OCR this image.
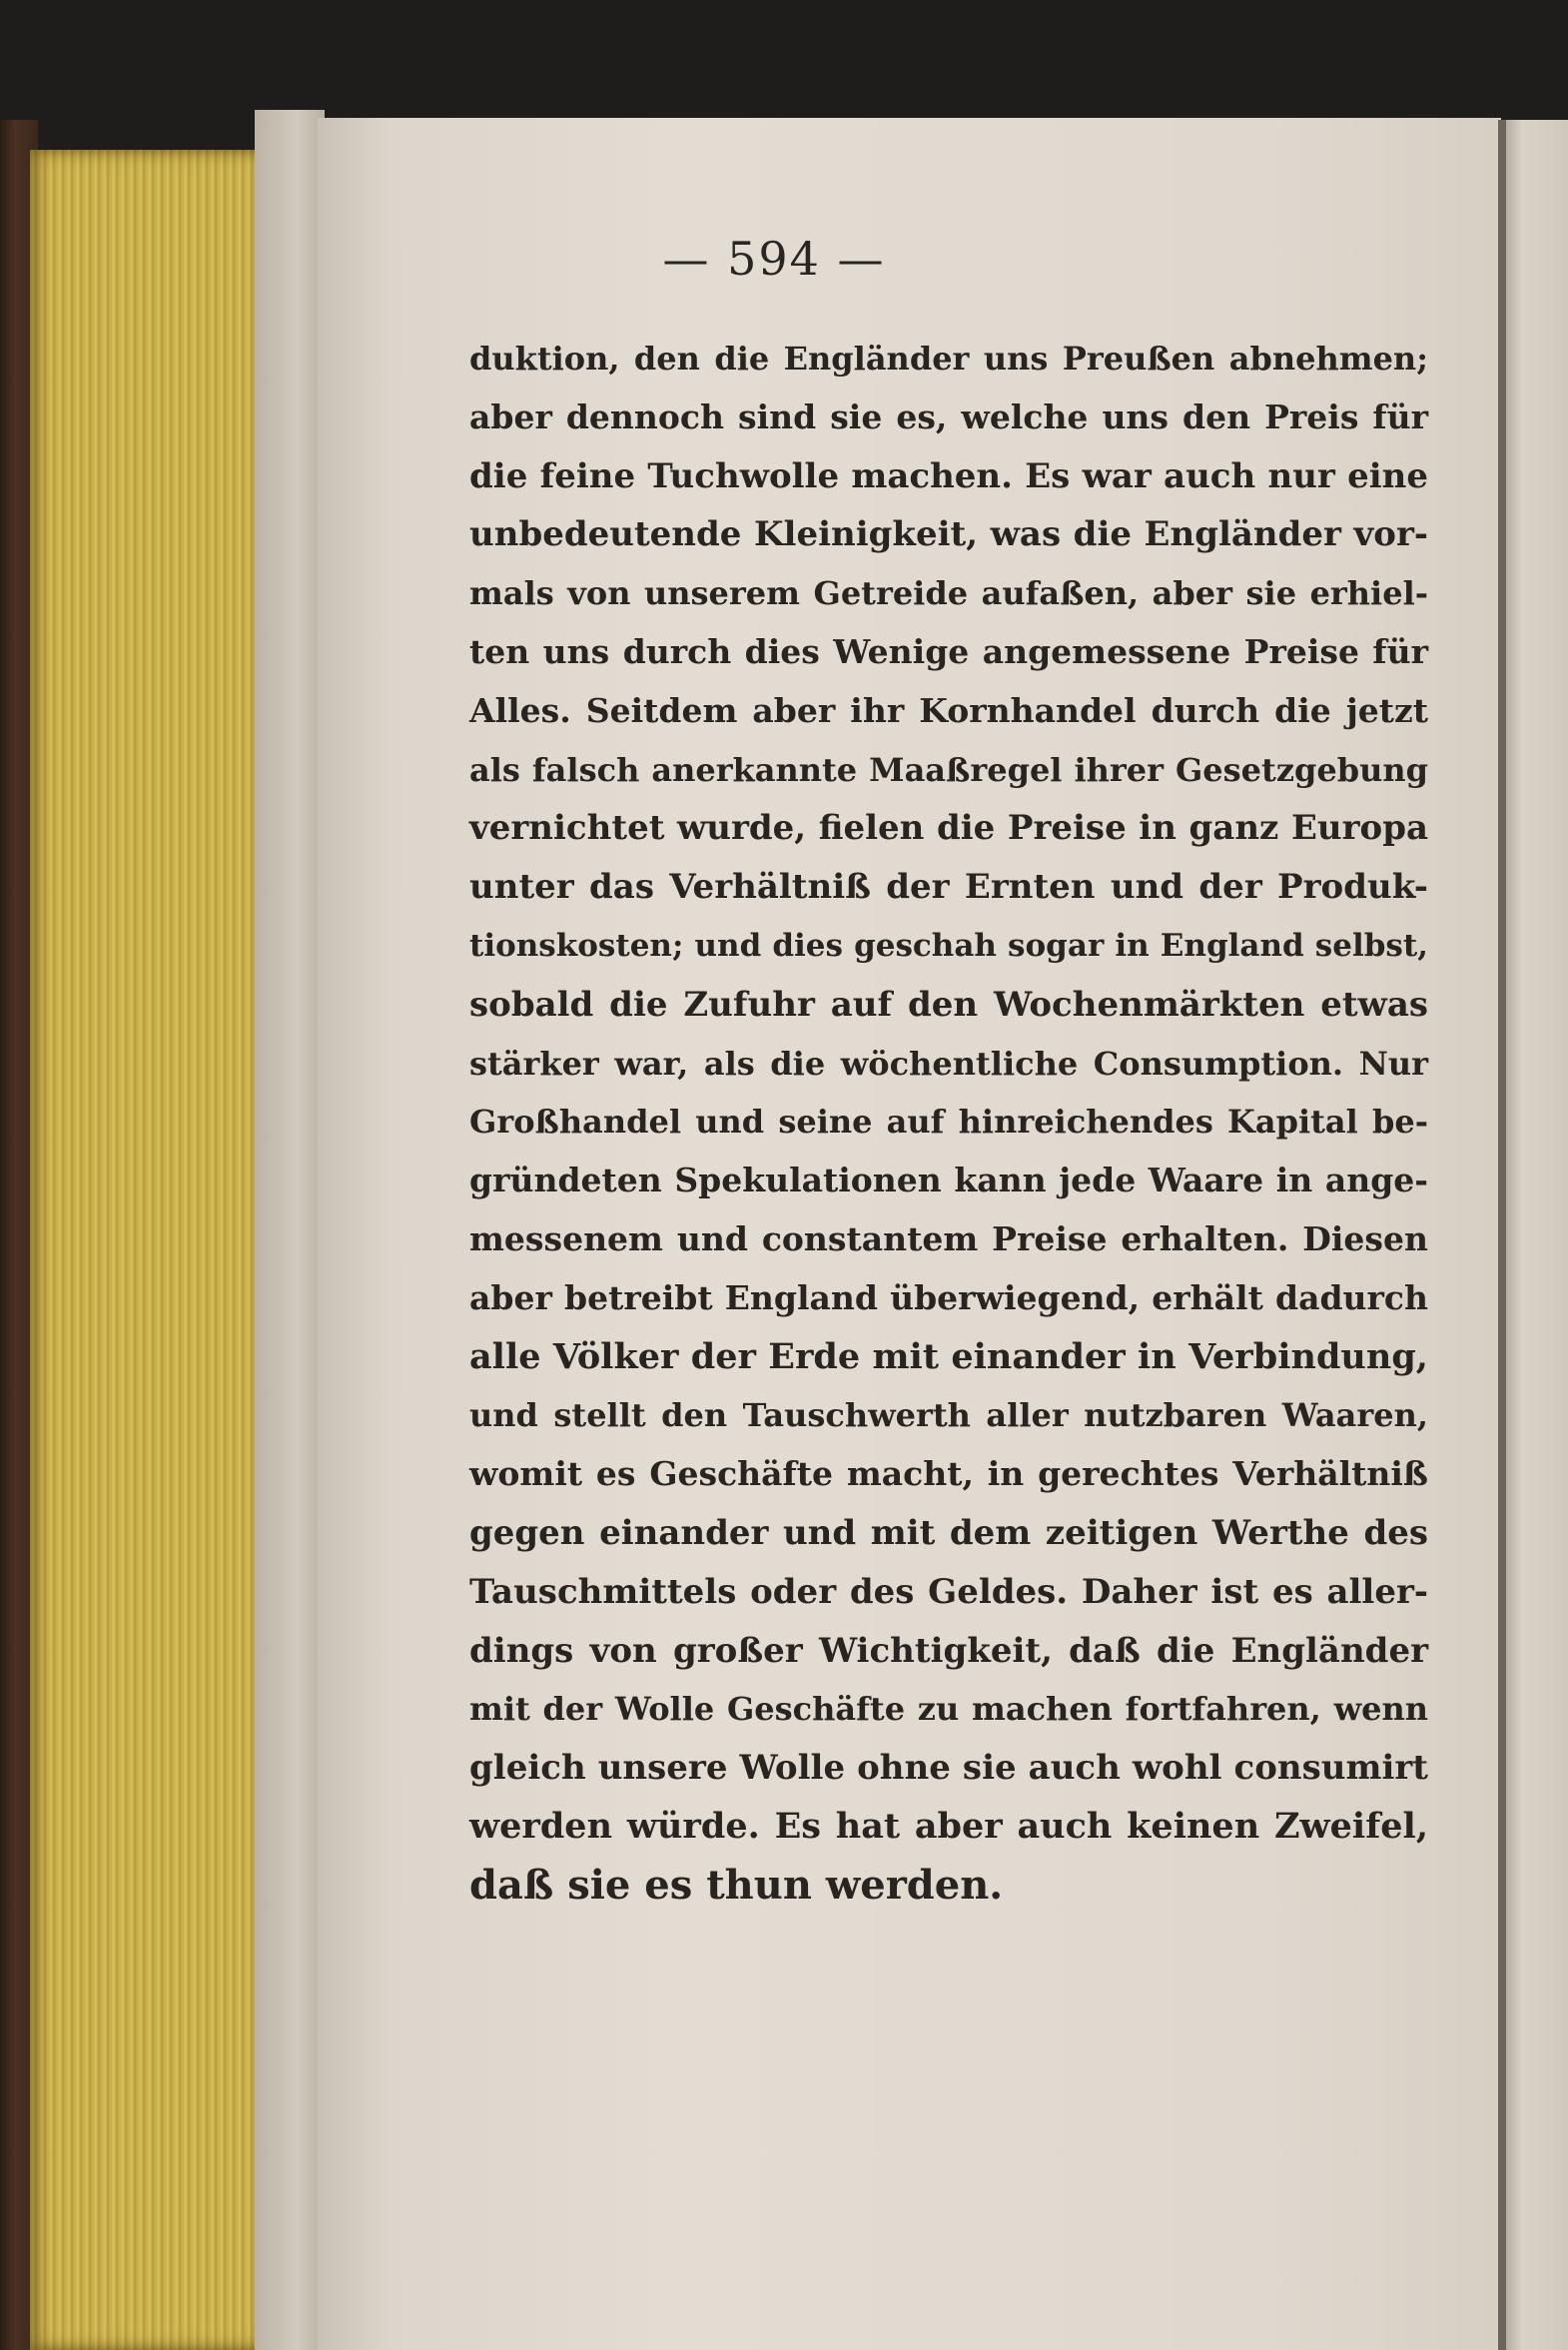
— 594 —
duktion, den die Engländer uns Preußen abnehmen;
aber dennoch sind sie es, welche uns den Preis für
die feine Tuchwolle machen. Es war auch nur eine
unbedeutende Kleinigkeit, was die Engländer vor-
mals von unserem Getreide aufaßen, aber sie erhiel-
ten uns durch dies Wenige angemessene Preise für
Alles. Seitdem aber ihr Kornhandel durch die jetzt
als falsch anerkannte Maaßregel ihrer Gesetzgebung
vernichtet wurde, fielen die Preise in ganz Europa
unter das Verhältniß der Ernten und der Produk-
tionskosten; und dies geschah sogar in England selbst,
sobald die Zufuhr auf den Wochenmärkten etwas
stärker war, als die wöchentliche Consumption. Nur
Großhandel und seine auf hinreichendes Kapital be-
gründeten Spekulationen kann jede Waare in ange-
messenem und constantem Preise erhalten. Diesen
aber betreibt England überwiegend, erhält dadurch
alle Völker der Erde mit einander in Verbindung,
und stellt den Tauschwerth aller nutzbaren Waaren,
womit es Geschäfte macht, in gerechtes Verhältniß
gegen einander und mit dem zeitigen Werthe des
Tauschmittels oder des Geldes. Daher ist es aller-
dings von großer Wichtigkeit, daß die Engländer
mit der Wolle Geschäfte zu machen fortfahren, wenn
gleich unsere Wolle ohne sie auch wohl consumirt
werden würde. Es hat aber auch keinen Zweifel,
daß sie es thun werden.
